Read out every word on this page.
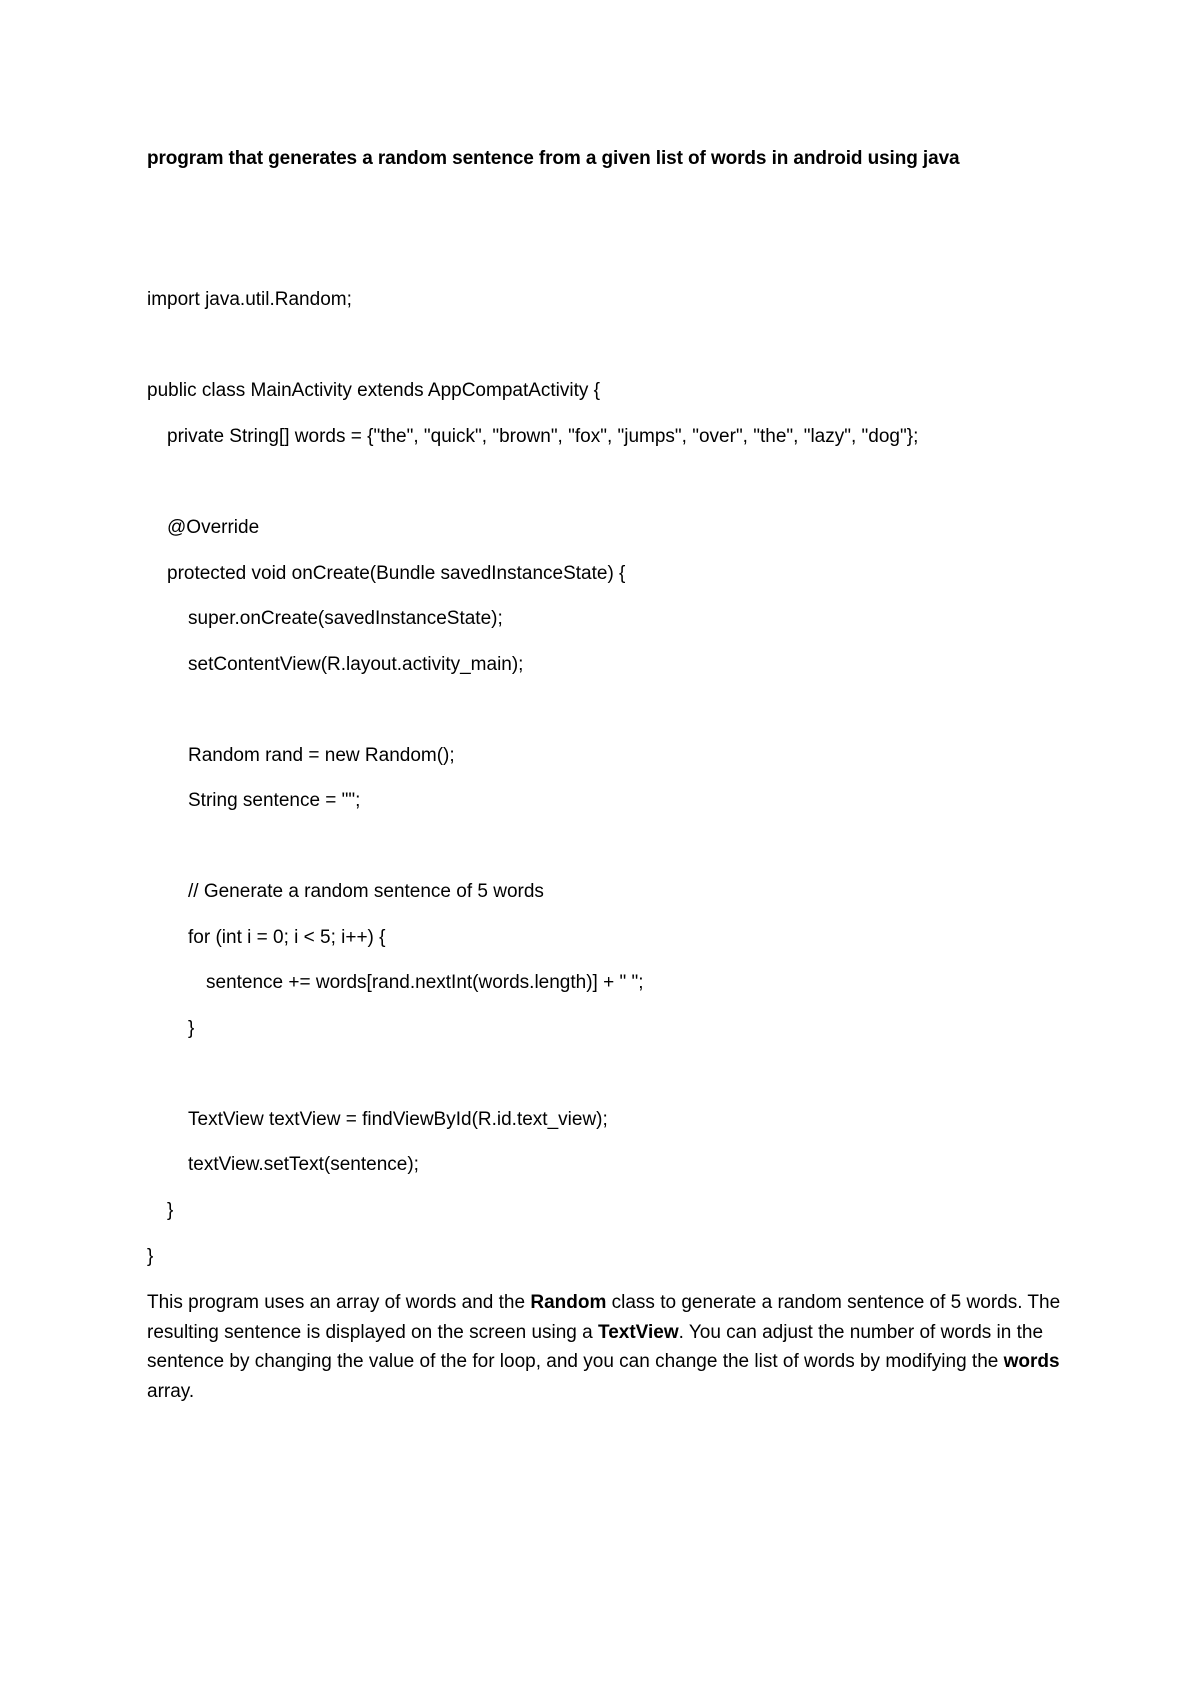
program that generates a random sentence from a given list of words in android using java
import java.util.Random;
public class MainActivity extends AppCompatActivity {
private String[] words = {"the", "quick", "brown", "fox", "jumps", "over", "the", "lazy", "dog"};
@Override
protected void onCreate(Bundle savedInstanceState) {
super.onCreate(savedInstanceState);
setContentView(R.layout.activity_main);
Random rand = new Random();
String sentence = "";
// Generate a random sentence of 5 words
for (int i = 0; i < 5; i++) {
sentence += words[rand.nextInt(words.length)] + " ";
}
TextView textView = findViewById(R.id.text_view);
textView.setText(sentence);
}
}
This program uses an array of words and the Random class to generate a random sentence of 5 words. The resulting sentence is displayed on the screen using a TextView. You can adjust the number of words in the sentence by changing the value of the for loop, and you can change the list of words by modifying the words array.
